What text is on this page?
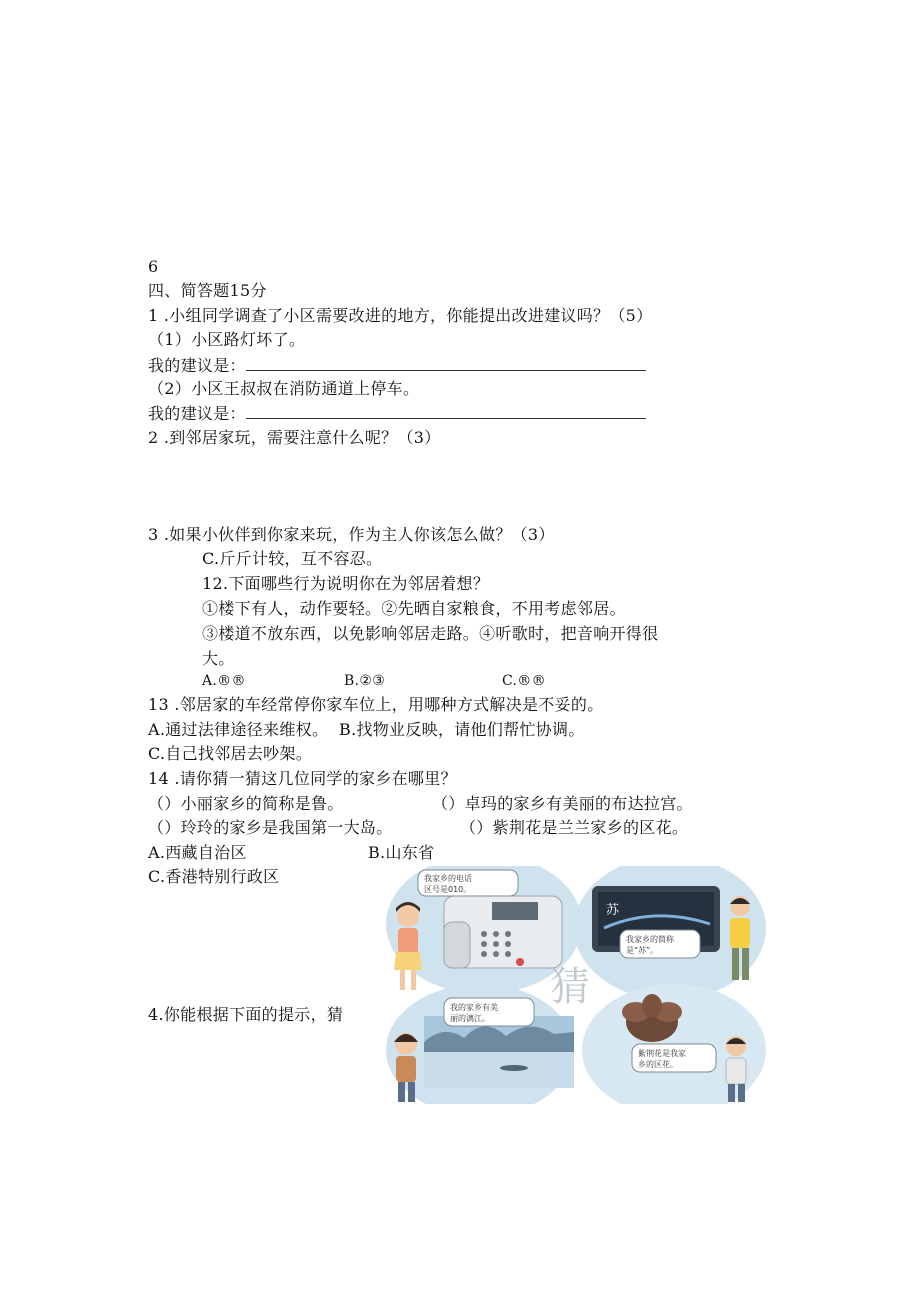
6
四、简答题15分
1 .小组同学调查了小区需要改进的地方，你能提出改进建议吗？（5）
（1）小区路灯坏了。
我的建议是：
（2）小区王叔叔在消防通道上停车。
我的建议是：
2 .到邻居家玩，需要注意什么呢？（3）
3 .如果小伙伴到你家来玩，作为主人你该怎么做？（3）
C.斤斤计较，互不容忍。
12.下面哪些行为说明你在为邻居着想？
①楼下有人，动作要轻。②先晒自家粮食，不用考虑邻居。
③楼道不放东西，以免影响邻居走路。④听歌时，把音响开得很
大。
A.®®	B.②③	C.®®
13 .邻居家的车经常停你家车位上，用哪种方式解决是不妥的。
A.通过法律途径来维权。  B.找物业反映，请他们帮忙协调。
C.自己找邻居去吵架。
14 .请你猜一猜这几位同学的家乡在哪里？
（）小丽家乡的简称是鲁。	（）卓玛的家乡有美丽的布达拉宫。
（）玲玲的家乡是我国第一大岛。	（）紫荆花是兰兰家乡的区花。
A.西藏自治区	B.山东省
C.香港特别行政区
4.你能根据下面的提示，猜
我家乡的电话
区号是010。
苏
我家乡的简称
是“苏”。
猜
我的家乡有美
丽的漓江。
紫荆花是我家
乡的区花。
